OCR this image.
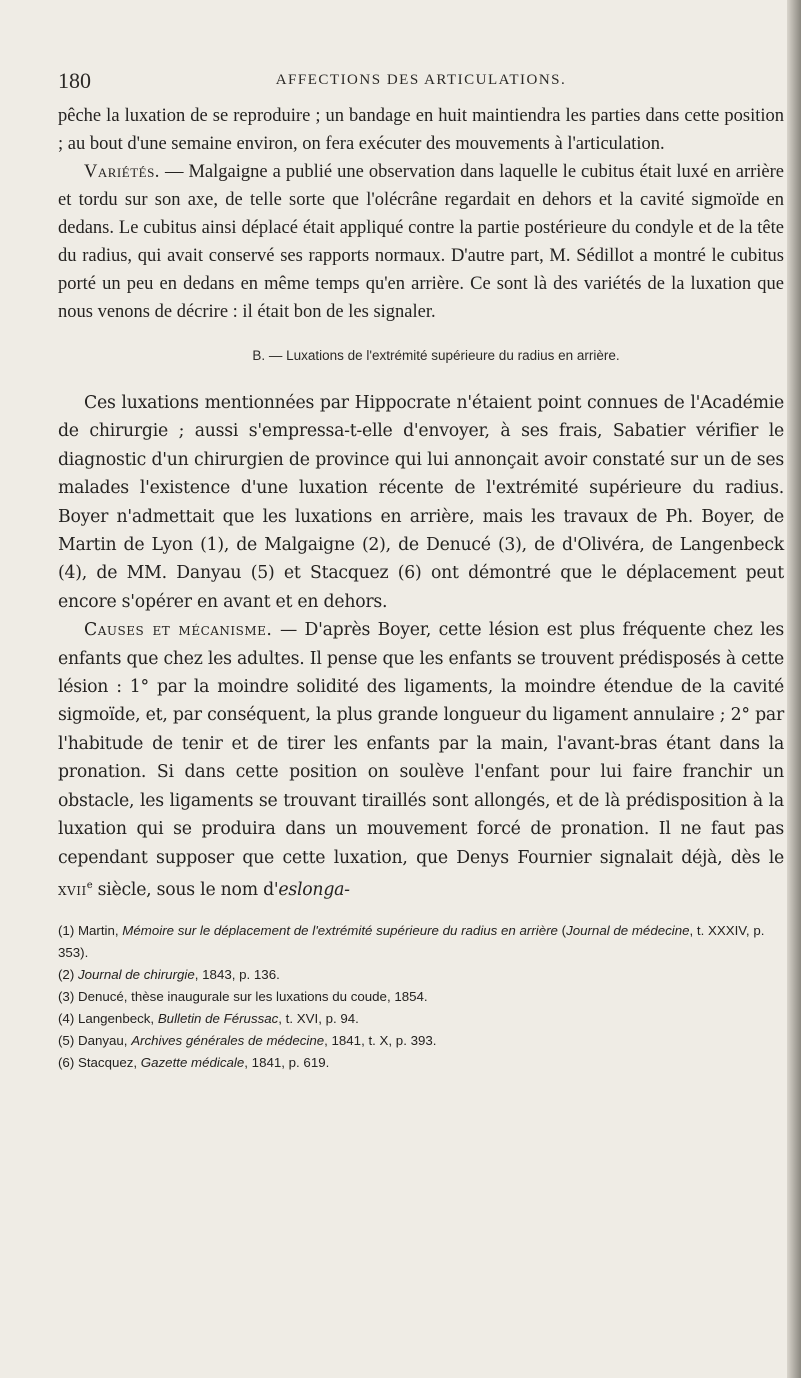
180	AFFECTIONS DES ARTICULATIONS.

pêche la luxation de se reproduire ; un bandage en huit maintiendra les parties dans cette position ; au bout d'une semaine environ, on fera exécuter des mouvements à l'articulation.

Variétés. — Malgaigne a publié une observation dans laquelle le cubitus était luxé en arrière et tordu sur son axe, de telle sorte que l'olécrâne regardait en dehors et la cavité sigmoïde en dedans. Le cubitus ainsi déplacé était appliqué contre la partie postérieure du condyle et de la tête du radius, qui avait conservé ses rapports normaux. D'autre part, M. Sédillot a montré le cubitus porté un peu en dedans en même temps qu'en arrière. Ce sont là des variétés de la luxation que nous venons de décrire : il était bon de les signaler.

B. — Luxations de l'extrémité supérieure du radius en arrière.

Ces luxations mentionnées par Hippocrate n'étaient point connues de l'Académie de chirurgie ; aussi s'empressa-t-elle d'envoyer, à ses frais, Sabatier vérifier le diagnostic d'un chirurgien de province qui lui annonçait avoir constaté sur un de ses malades l'existence d'une luxation récente de l'extrémité supérieure du radius. Boyer n'admettait que les luxations en arrière, mais les travaux de Ph. Boyer, de Martin de Lyon (1), de Malgaigne (2), de Denucé (3), de d'Olivéra, de Langenbeck (4), de MM. Danyau (5) et Stacquez (6) ont démontré que le déplacement peut encore s'opérer en avant et en dehors.

Causes et mécanisme. — D'après Boyer, cette lésion est plus fréquente chez les enfants que chez les adultes. Il pense que les enfants se trouvent prédisposés à cette lésion : 1° par la moindre solidité des ligaments, la moindre étendue de la cavité sigmoïde, et, par conséquent, la plus grande longueur du ligament annulaire ; 2° par l'habitude de tenir et de tirer les enfants par la main, l'avant-bras étant dans la pronation. Si dans cette position on soulève l'enfant pour lui faire franchir un obstacle, les ligaments se trouvant tiraillés sont allongés, et de là prédisposition à la luxation qui se produira dans un mouvement forcé de pronation. Il ne faut pas cependant supposer que cette luxation, que Denys Fournier signalait déjà, dès le xvii$^e$ siècle, sous le nom d'eslonga-

(1) Martin, Mémoire sur le déplacement de l'extrémité supérieure du radius en arrière (Journal de médecine, t. XXXIV, p. 353).

(2) Journal de chirurgie, 1843, p. 136.

(3) Denucé, thèse inaugurale sur les luxations du coude, 1854.

(4) Langenbeck, Bulletin de Férussac, t. XVI, p. 94.

(5) Danyau, Archives générales de médecine, 1841, t. X, p. 393.

(6) Stacquez, Gazette médicale, 1841, p. 619.
